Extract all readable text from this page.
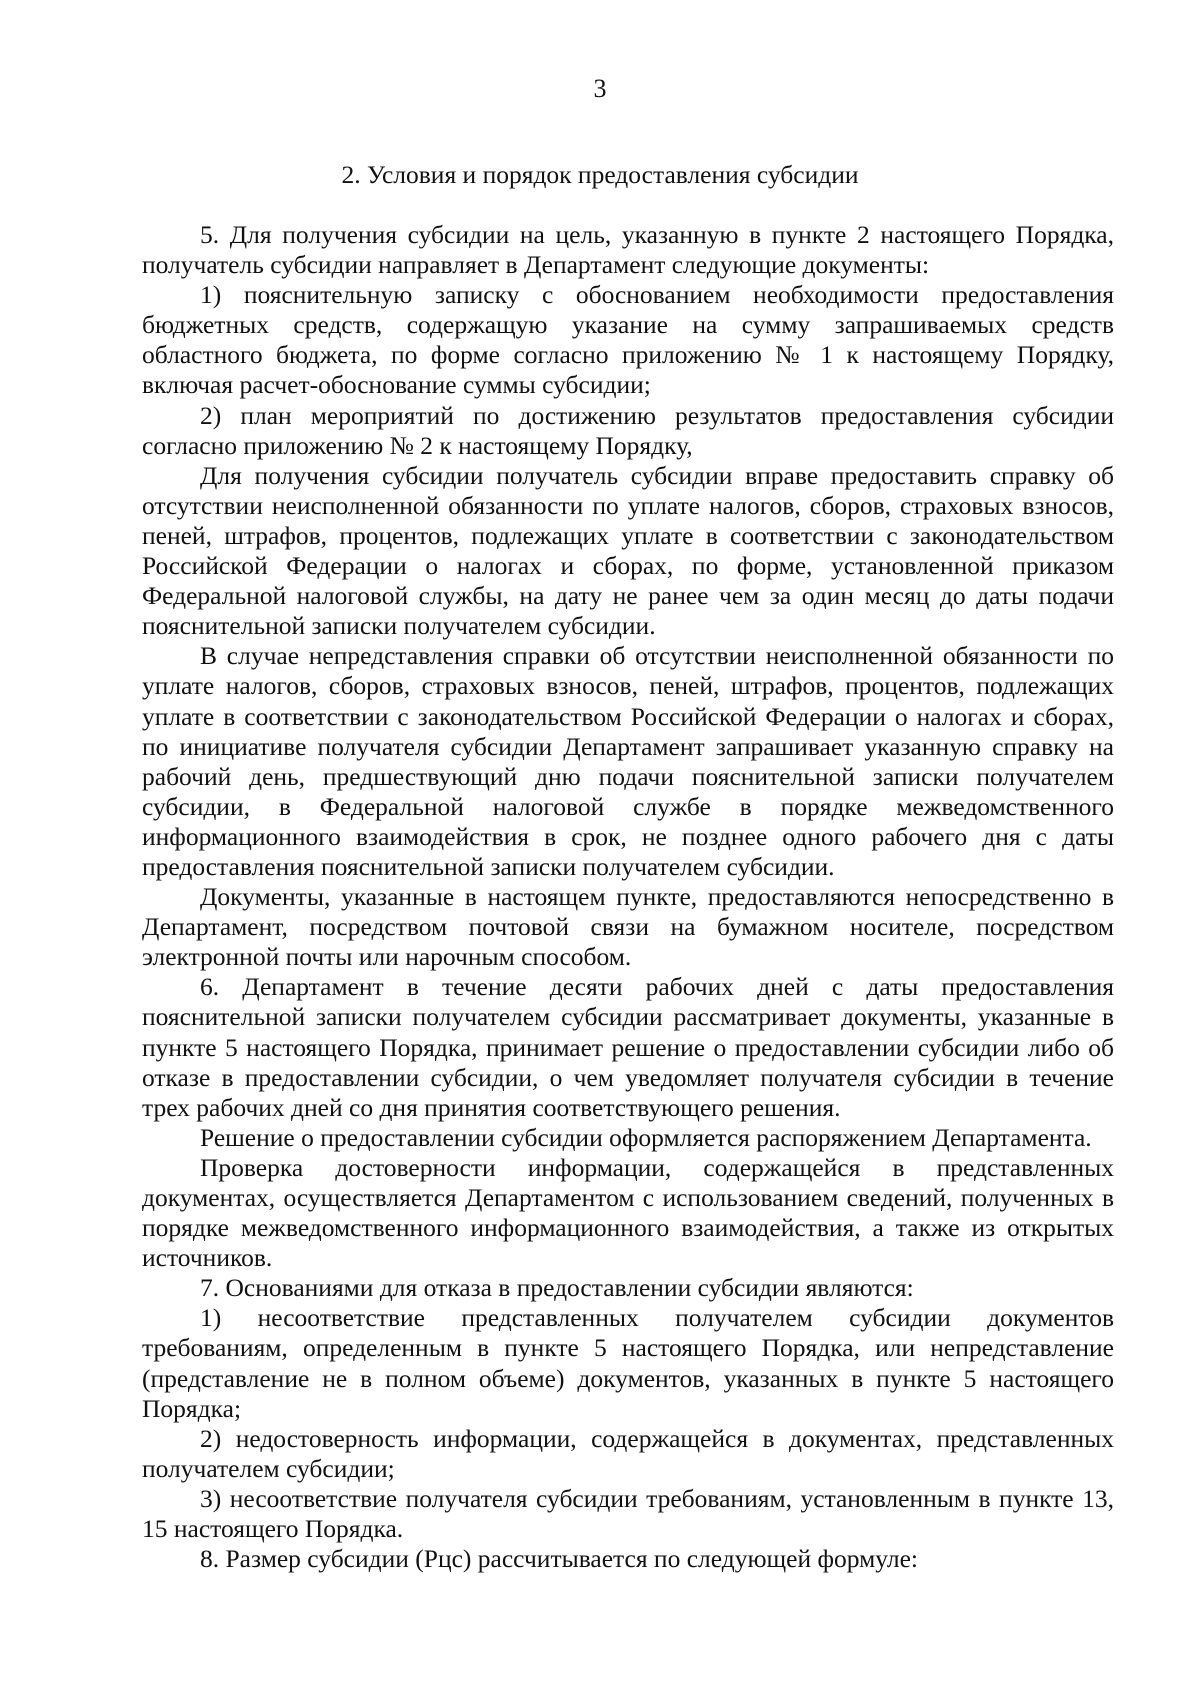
3
2. Условия и порядок предоставления субсидии

5. Для получения субсидии на цель, указанную в пункте 2 настоящего Порядка, получатель субсидии направляет в Департамент следующие документы:

1) пояснительную записку с обоснованием необходимости предоставления бюджетных средств, содержащую указание на сумму запрашиваемых средств областного бюджета, по форме согласно приложению № 1 к настоящему Порядку, включая расчет-обоснование суммы субсидии;

2) план мероприятий по достижению результатов предоставления субсидии согласно приложению № 2 к настоящему Порядку,

Для получения субсидии получатель субсидии вправе предоставить справку об отсутствии неисполненной обязанности по уплате налогов, сборов, страховых взносов, пеней, штрафов, процентов, подлежащих уплате в соответствии с законодательством Российской Федерации о налогах и сборах, по форме, установленной приказом Федеральной налоговой службы, на дату не ранее чем за один месяц до даты подачи пояснительной записки получателем субсидии.

В случае непредставления справки об отсутствии неисполненной обязанности по уплате налогов, сборов, страховых взносов, пеней, штрафов, процентов, подлежащих уплате в соответствии с законодательством Российской Федерации о налогах и сборах, по инициативе получателя субсидии Департамент запрашивает указанную справку на рабочий день, предшествующий дню подачи пояснительной записки получателем субсидии, в Федеральной налоговой службе в порядке межведомственного информационного взаимодействия в срок, не позднее одного рабочего дня с даты предоставления пояснительной записки получателем субсидии.

Документы, указанные в настоящем пункте, предоставляются непосредственно в Департамент, посредством почтовой связи на бумажном носителе, посредством электронной почты или нарочным способом.

6. Департамент в течение десяти рабочих дней с даты предоставления пояснительной записки получателем субсидии рассматривает документы, указанные в пункте 5 настоящего Порядка, принимает решение о предоставлении субсидии либо об отказе в предоставлении субсидии, о чем уведомляет получателя субсидии в течение трех рабочих дней со дня принятия соответствующего решения.

Решение о предоставлении субсидии оформляется распоряжением Департамента.

Проверка достоверности информации, содержащейся в представленных документах, осуществляется Департаментом с использованием сведений, полученных в порядке межведомственного информационного взаимодействия, а также из открытых источников.

7. Основаниями для отказа в предоставлении субсидии являются:

1) несоответствие представленных получателем субсидии документов требованиям, определенным в пункте 5 настоящего Порядка, или непредставление (представление не в полном объеме) документов, указанных в пункте 5 настоящего Порядка;

2) недостоверность информации, содержащейся в документах, представленных получателем субсидии;

3) несоответствие получателя субсидии требованиям, установленным в пункте 13, 15 настоящего Порядка.

8. Размер субсидии (Рцс) рассчитывается по следующей формуле:
